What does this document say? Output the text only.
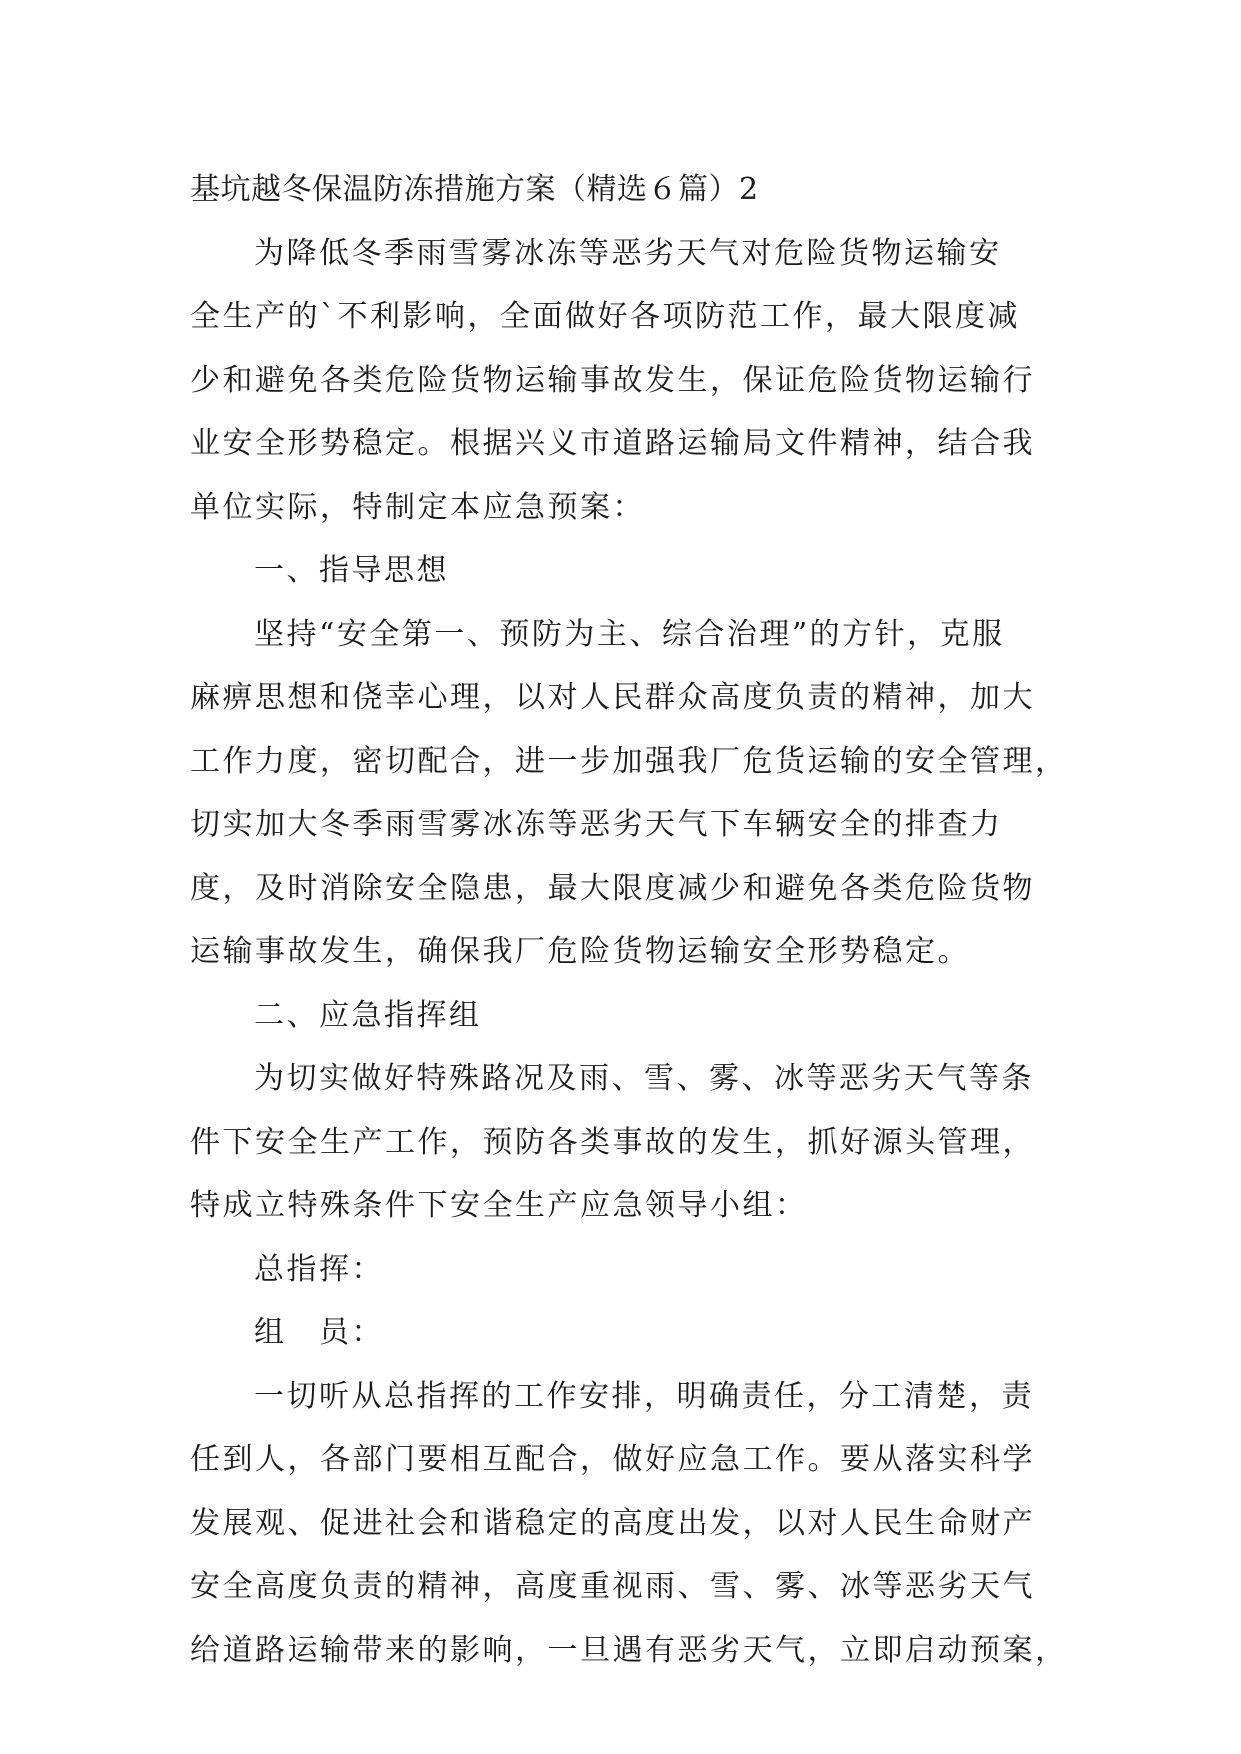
基坑越冬保温防冻措施方案（精选６篇）2
为降低冬季雨雪雾冰冻等恶劣天气对危险货物运输安
全生产的`不利影响，全面做好各项防范工作，最大限度减
少和避免各类危险货物运输事故发生，保证危险货物运输行
业安全形势稳定。根据兴义市道路运输局文件精神，结合我
单位实际，特制定本应急预案：
一、指导思想
坚持“安全第一、预防为主、综合治理”的方针，克服
麻痹思想和侥幸心理，以对人民群众高度负责的精神，加大
工作力度，密切配合，进一步加强我厂危货运输的安全管理，
切实加大冬季雨雪雾冰冻等恶劣天气下车辆安全的排查力
度，及时消除安全隐患，最大限度减少和避免各类危险货物
运输事故发生，确保我厂危险货物运输安全形势稳定。
二、应急指挥组
为切实做好特殊路况及雨、雪、雾、冰等恶劣天气等条
件下安全生产工作，预防各类事故的发生，抓好源头管理，
特成立特殊条件下安全生产应急领导小组：
总指挥：
组　员：
一切听从总指挥的工作安排，明确责任，分工清楚，责
任到人，各部门要相互配合，做好应急工作。要从落实科学
发展观、促进社会和谐稳定的高度出发，以对人民生命财产
安全高度负责的精神，高度重视雨、雪、雾、冰等恶劣天气
给道路运输带来的影响，一旦遇有恶劣天气，立即启动预案，
